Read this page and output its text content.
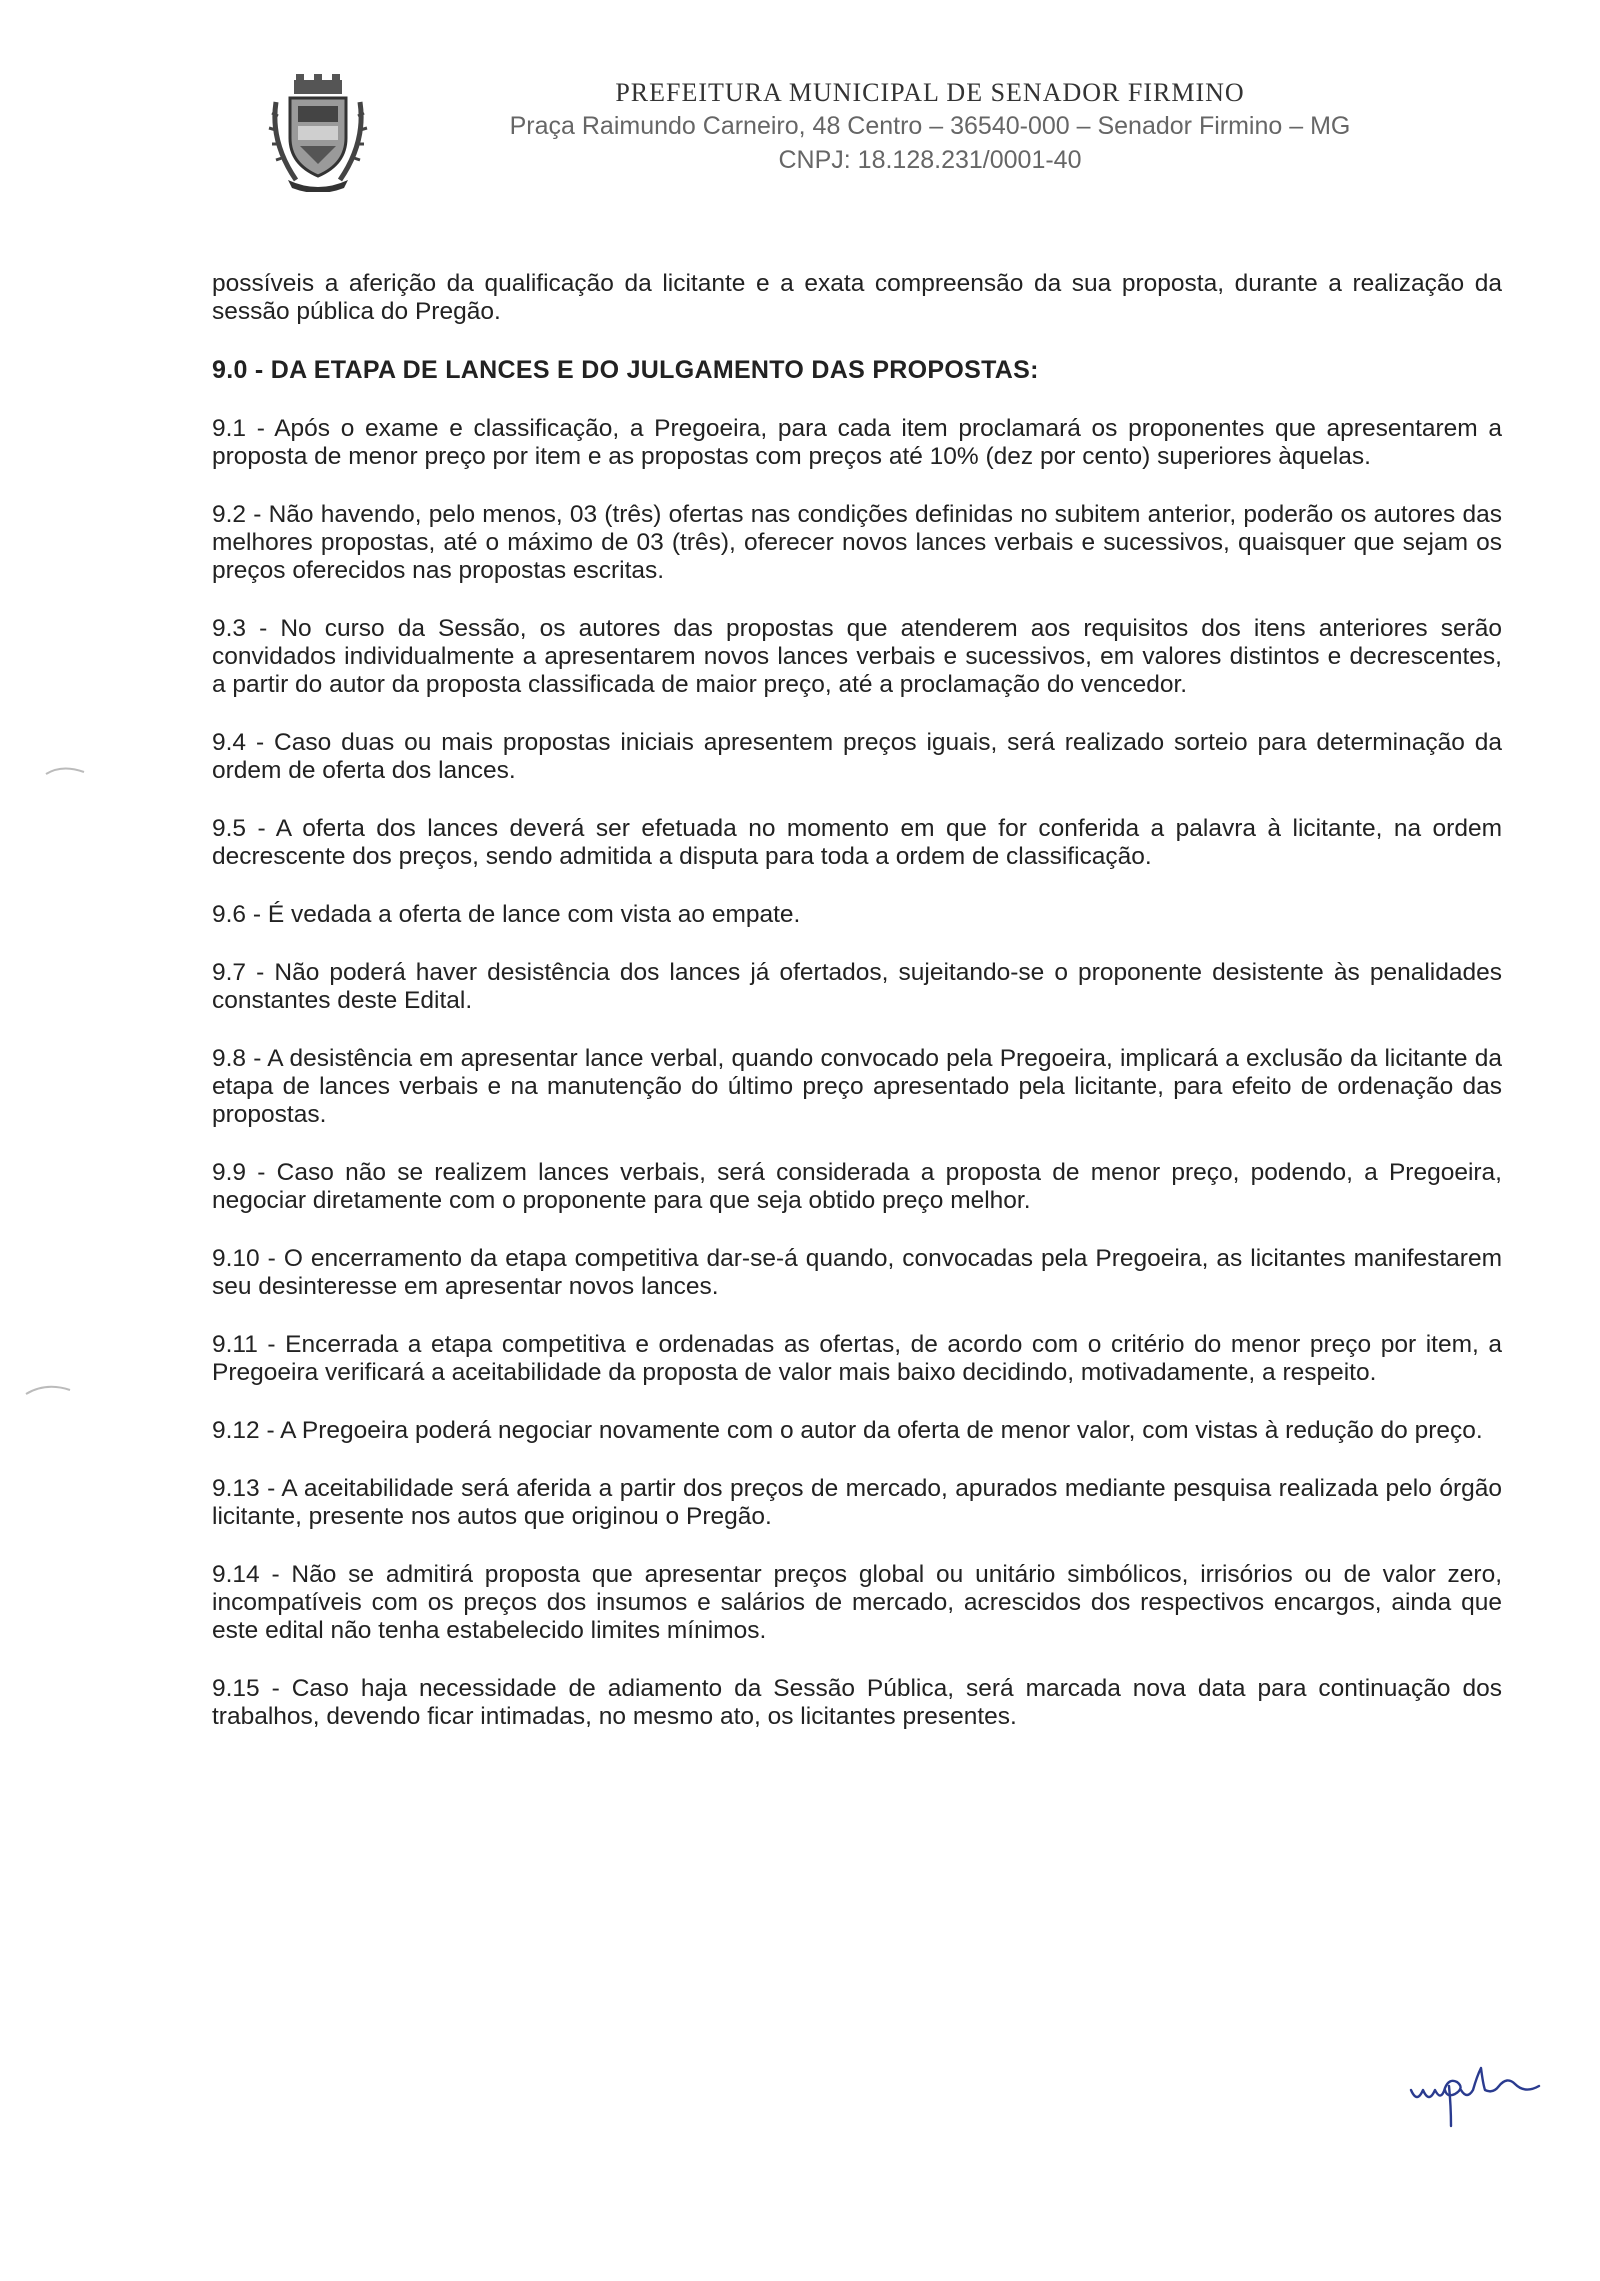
PREFEITURA MUNICIPAL DE SENADOR FIRMINO
Praça Raimundo Carneiro, 48 Centro – 36540-000 – Senador Firmino – MG
CNPJ: 18.128.231/0001-40

possíveis a aferição da qualificação da licitante e a exata compreensão da sua proposta, durante a realização da sessão pública do Pregão.

9.0 - DA ETAPA DE LANCES E DO JULGAMENTO DAS PROPOSTAS:

9.1 - Após o exame e classificação, a Pregoeira, para cada item proclamará os proponentes que apresentarem a proposta de menor preço por item e as propostas com preços até 10% (dez por cento) superiores àquelas.

9.2 - Não havendo, pelo menos, 03 (três) ofertas nas condições definidas no subitem anterior, poderão os autores das melhores propostas, até o máximo de 03 (três), oferecer novos lances verbais e sucessivos, quaisquer que sejam os preços oferecidos nas propostas escritas.

9.3 - No curso da Sessão, os autores das propostas que atenderem aos requisitos dos itens anteriores serão convidados individualmente a apresentarem novos lances verbais e sucessivos, em valores distintos e decrescentes, a partir do autor da proposta classificada de maior preço, até a proclamação do vencedor.

9.4 - Caso duas ou mais propostas iniciais apresentem preços iguais, será realizado sorteio para determinação da ordem de oferta dos lances.

9.5 - A oferta dos lances deverá ser efetuada no momento em que for conferida a palavra à licitante, na ordem decrescente dos preços, sendo admitida a disputa para toda a ordem de classificação.

9.6 - É vedada a oferta de lance com vista ao empate.

9.7 - Não poderá haver desistência dos lances já ofertados, sujeitando-se o proponente desistente às penalidades constantes deste Edital.

9.8 - A desistência em apresentar lance verbal, quando convocado pela Pregoeira, implicará a exclusão da licitante da etapa de lances verbais e na manutenção do último preço apresentado pela licitante, para efeito de ordenação das propostas.

9.9 - Caso não se realizem lances verbais, será considerada a proposta de menor preço, podendo, a Pregoeira, negociar diretamente com o proponente para que seja obtido preço melhor.

9.10 - O encerramento da etapa competitiva dar-se-á quando, convocadas pela Pregoeira, as licitantes manifestarem seu desinteresse em apresentar novos lances.

9.11 - Encerrada a etapa competitiva e ordenadas as ofertas, de acordo com o critério do menor preço por item, a Pregoeira verificará a aceitabilidade da proposta de valor mais baixo decidindo, motivadamente, a respeito.

9.12 - A Pregoeira poderá negociar novamente com o autor da oferta de menor valor, com vistas à redução do preço.

9.13 - A aceitabilidade será aferida a partir dos preços de mercado, apurados mediante pesquisa realizada pelo órgão licitante, presente nos autos que originou o Pregão.

9.14 - Não se admitirá proposta que apresentar preços global ou unitário simbólicos, irrisórios ou de valor zero, incompatíveis com os preços dos insumos e salários de mercado, acrescidos dos respectivos encargos, ainda que este edital não tenha estabelecido limites mínimos.

9.15 - Caso haja necessidade de adiamento da Sessão Pública, será marcada nova data para continuação dos trabalhos, devendo ficar intimadas, no mesmo ato, os licitantes presentes.
